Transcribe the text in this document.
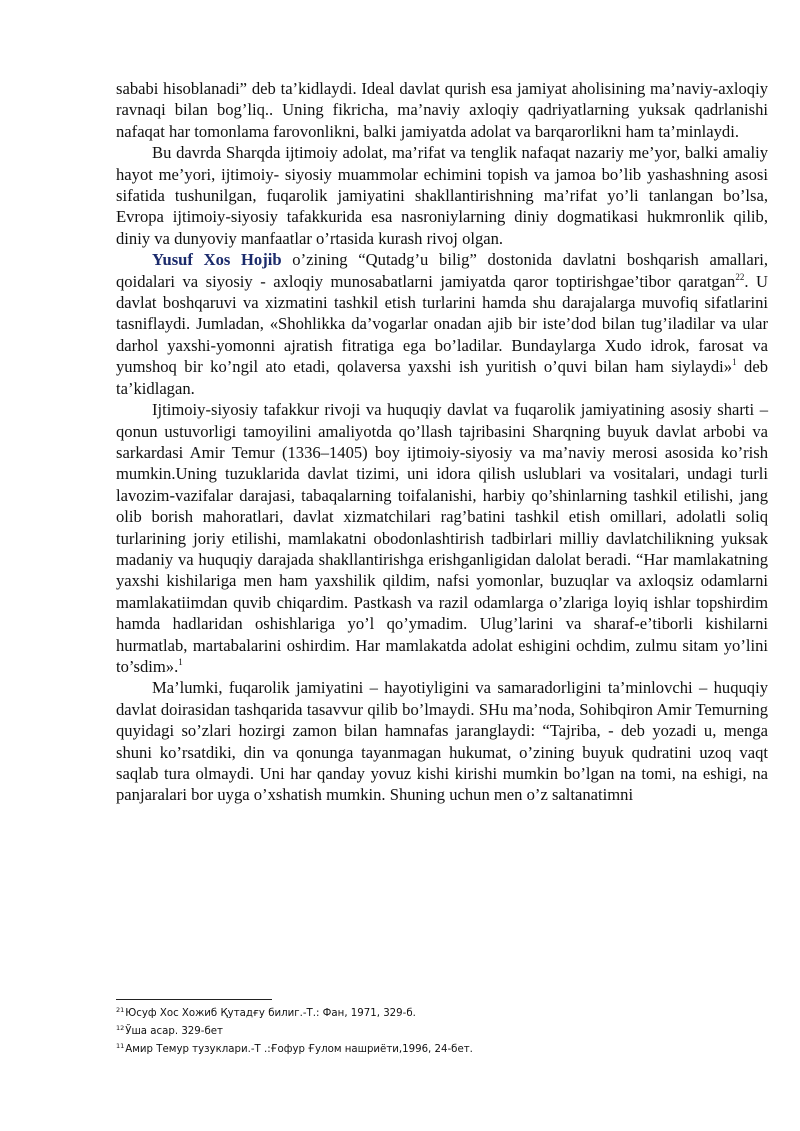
sababi hisoblanadi” deb ta’kidlaydi. Ideal davlat qurish esa jamiyat aholisining ma’naviy-axloqiy ravnaqi bilan bog’liq.. Uning fikricha, ma’naviy axloqiy qadriyatlarning yuksak qadrlanishi nafaqat har tomonlama farovonlikni, balki jamiyatda adolat va barqarorlikni ham ta’minlaydi.

Bu davrda Sharqda ijtimoiy adolat, ma’rifat va tenglik nafaqat nazariy me’yor, balki amaliy hayot me’yori, ijtimoiy- siyosiy muammolar echimini topish va jamoa bo’lib yashashning asosi sifatida tushunilgan, fuqarolik jamiyatini shakllantirishning ma’rifat yo’li tanlangan bo’lsa, Evropa ijtimoiy-siyosiy tafakkurida esa nasroniylarning diniy dogmatikasi hukmronlik qilib, diniy va dunyoviy manfaatlar o’rtasida kurash rivoj olgan.

Yusuf Xos Hojib o’zining “Qutadg’u bilig” dostonida davlatni boshqarish amallari, qoidalari va siyosiy - axloqiy munosabatlarni jamiyatda qaror toptirishgae’tibor qaratgan$^{22}$. U davlat boshqaruvi va xizmatini tashkil etish turlarini hamda shu darajalarga muvofiq sifatlarini tasniflaydi. Jumladan, «Shohlikka da’vogarlar onadan ajib bir iste’dod bilan tug’iladilar va ular darhol yaxshi-yomonni ajratish fitratiga ega bo’ladilar. Bundaylarga Xudo idrok, farosat va yumshoq bir ko’ngil ato etadi, qolaversa yaxshi ish yuritish o’quvi bilan ham siylaydi»$^1$ deb ta’kidlagan.

Ijtimoiy-siyosiy tafakkur rivoji va huquqiy davlat va fuqarolik jamiyatining asosiy sharti – qonun ustuvorligi tamoyilini amaliyotda qo’llash tajribasini Sharqning buyuk davlat arbobi va sarkardasi Amir Temur (1336–1405) boy ijtimoiy-siyosiy va ma’naviy merosi asosida ko’rish mumkin.Uning tuzuklarida davlat tizimi, uni idora qilish uslublari va vositalari, undagi turli lavozim-vazifalar darajasi, tabaqalarning toifalanishi, harbiy qo’shinlarning tashkil etilishi, jang olib borish mahoratlari, davlat xizmatchilari rag’batini tashkil etish omillari, adolatli soliq turlarining joriy etilishi, mamlakatni obodonlashtirish tadbirlari milliy davlatchilikning yuksak madaniy va huquqiy darajada shakllantirishga erishganligidan dalolat beradi. “Har mamlakatning yaxshi kishilariga men ham yaxshilik qildim, nafsi yomonlar, buzuqlar va axloqsiz odamlarni mamlakatiimdan quvib chiqardim. Pastkash va razil odamlarga o’zlariga loyiq ishlar topshirdim hamda hadlaridan oshishlariga yo’l qo’ymadim. Ulug’larini va sharaf-e’tiborli kishilarni hurmatlab, martabalarini oshirdim. Har mamlakatda adolat eshigini ochdim, zulmu sitam yo’lini to’sdim».$^1$

Ma’lumki, fuqarolik jamiyatini – hayotiyligini va samaradorligini ta’minlovchi – huquqiy davlat doirasidan tashqarida tasavvur qilib bo’lmaydi. SHu ma’noda, Sohibqiron Amir Temurning quyidagi so’zlari hozirgi zamon bilan hamnafas jaranglaydi: “Tajriba, - deb yozadi u, menga shuni ko’rsatdiki, din va qonunga tayanmagan hukumat, o’zining buyuk qudratini uzoq vaqt saqlab tura olmaydi. Uni har qanday yovuz kishi kirishi mumkin bo’lgan na tomi, na eshigi, na panjaralari bor uyga o’xshatish mumkin. Shuning uchun men o’z saltanatimni

$^{21}$Юсуф Хос Хожиб Қутадғу билиг.-Т.: Фан, 1971, 329-б.
$^{12}$Ўша асар. 329-бет
$^{11}$Амир Темур тузуклари.-Т .:Ғофур Ғулом нашриёти,1996, 24-бет.
